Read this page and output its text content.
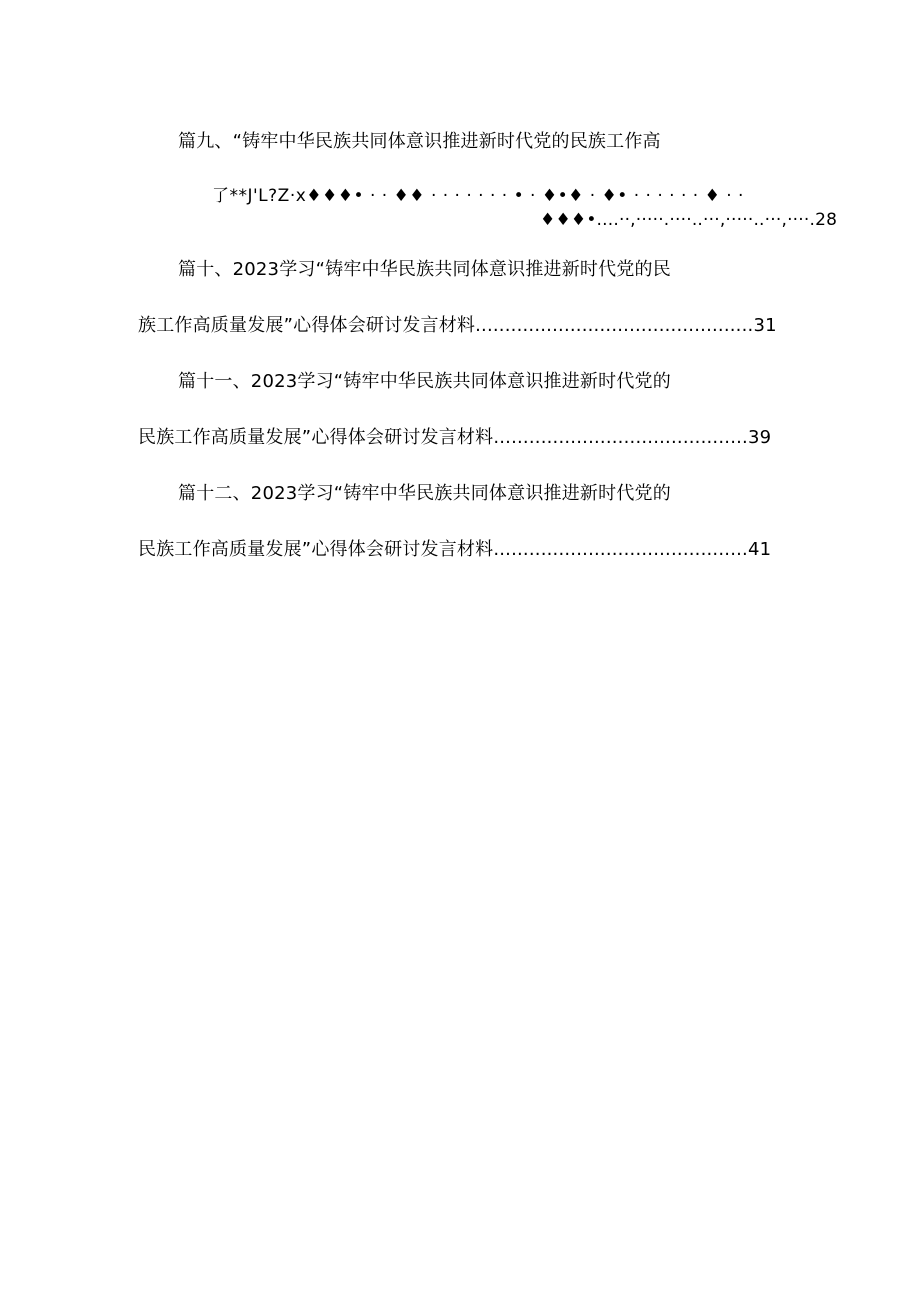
篇九、“铸牢中华民族共同体意识推进新时代党的民族工作高
了**J'L?Z·x♦♦♦• · · ♦♦ · · · · · · · • · ♦•♦ · ♦• · · · · · · ♦ · ·
♦♦♦•....··,·····.····..···,·····..···,····.28
篇十、2023学习“铸牢中华民族共同体意识推进新时代党的民
族工作高质量发展”心得体会研讨发言材料...............................................31
篇十一、2023学习“铸牢中华民族共同体意识推进新时代党的
民族工作高质量发展”心得体会研讨发言材料...........................................39
篇十二、2023学习“铸牢中华民族共同体意识推进新时代党的
民族工作高质量发展”心得体会研讨发言材料...........................................41
